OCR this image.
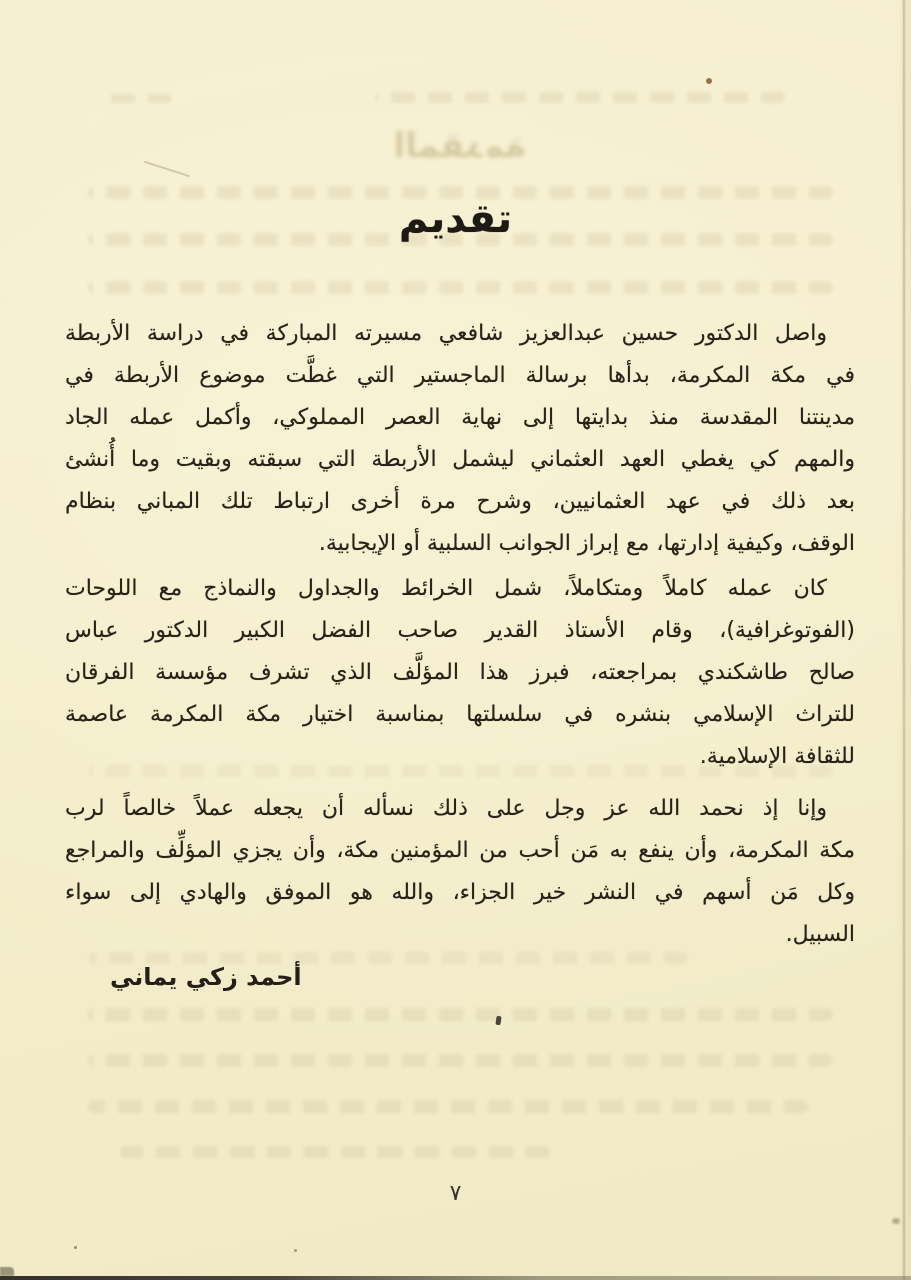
المقدمة
تقديم
واصل الدكتور حسين عبدالعزيز شافعي مسيرته المباركة في دراسة الأربطة
في مكة المكرمة، بدأها برسالة الماجستير التي غطَّت موضوع الأربطة في
مدينتنا المقدسة منذ بدايتها إلى نهاية العصر المملوكي، وأكمل عمله الجاد
والمهم كي يغطي العهد العثماني ليشمل الأربطة التي سبقته وبقيت وما أُنشئ
بعد ذلك في عهد العثمانيين، وشرح مرة أخرى ارتباط تلك المباني بنظام
الوقف، وكيفية إدارتها، مع إبراز الجوانب السلبية أو الإيجابية.
كان عمله كاملاً ومتكاملاً، شمل الخرائط والجداول والنماذج مع اللوحات
(الفوتوغرافية)، وقام الأستاذ القدير صاحب الفضل الكبير الدكتور عباس
صالح طاشكندي بمراجعته، فبرز هذا المؤلَّف الذي تشرف مؤسسة الفرقان
للتراث الإسلامي بنشره في سلسلتها بمناسبة اختيار مكة المكرمة عاصمة
للثقافة الإسلامية.
وإنا إذ نحمد الله عز وجل على ذلك نسأله أن يجعله عملاً خالصاً لرب
مكة المكرمة، وأن ينفع به مَن أحب من المؤمنين مكة، وأن يجزي المؤلِّف والمراجع
وكل مَن أسهم في النشر خير الجزاء، والله هو الموفق والهادي إلى سواء
السبيل.
أحمد زكي يماني
٧
